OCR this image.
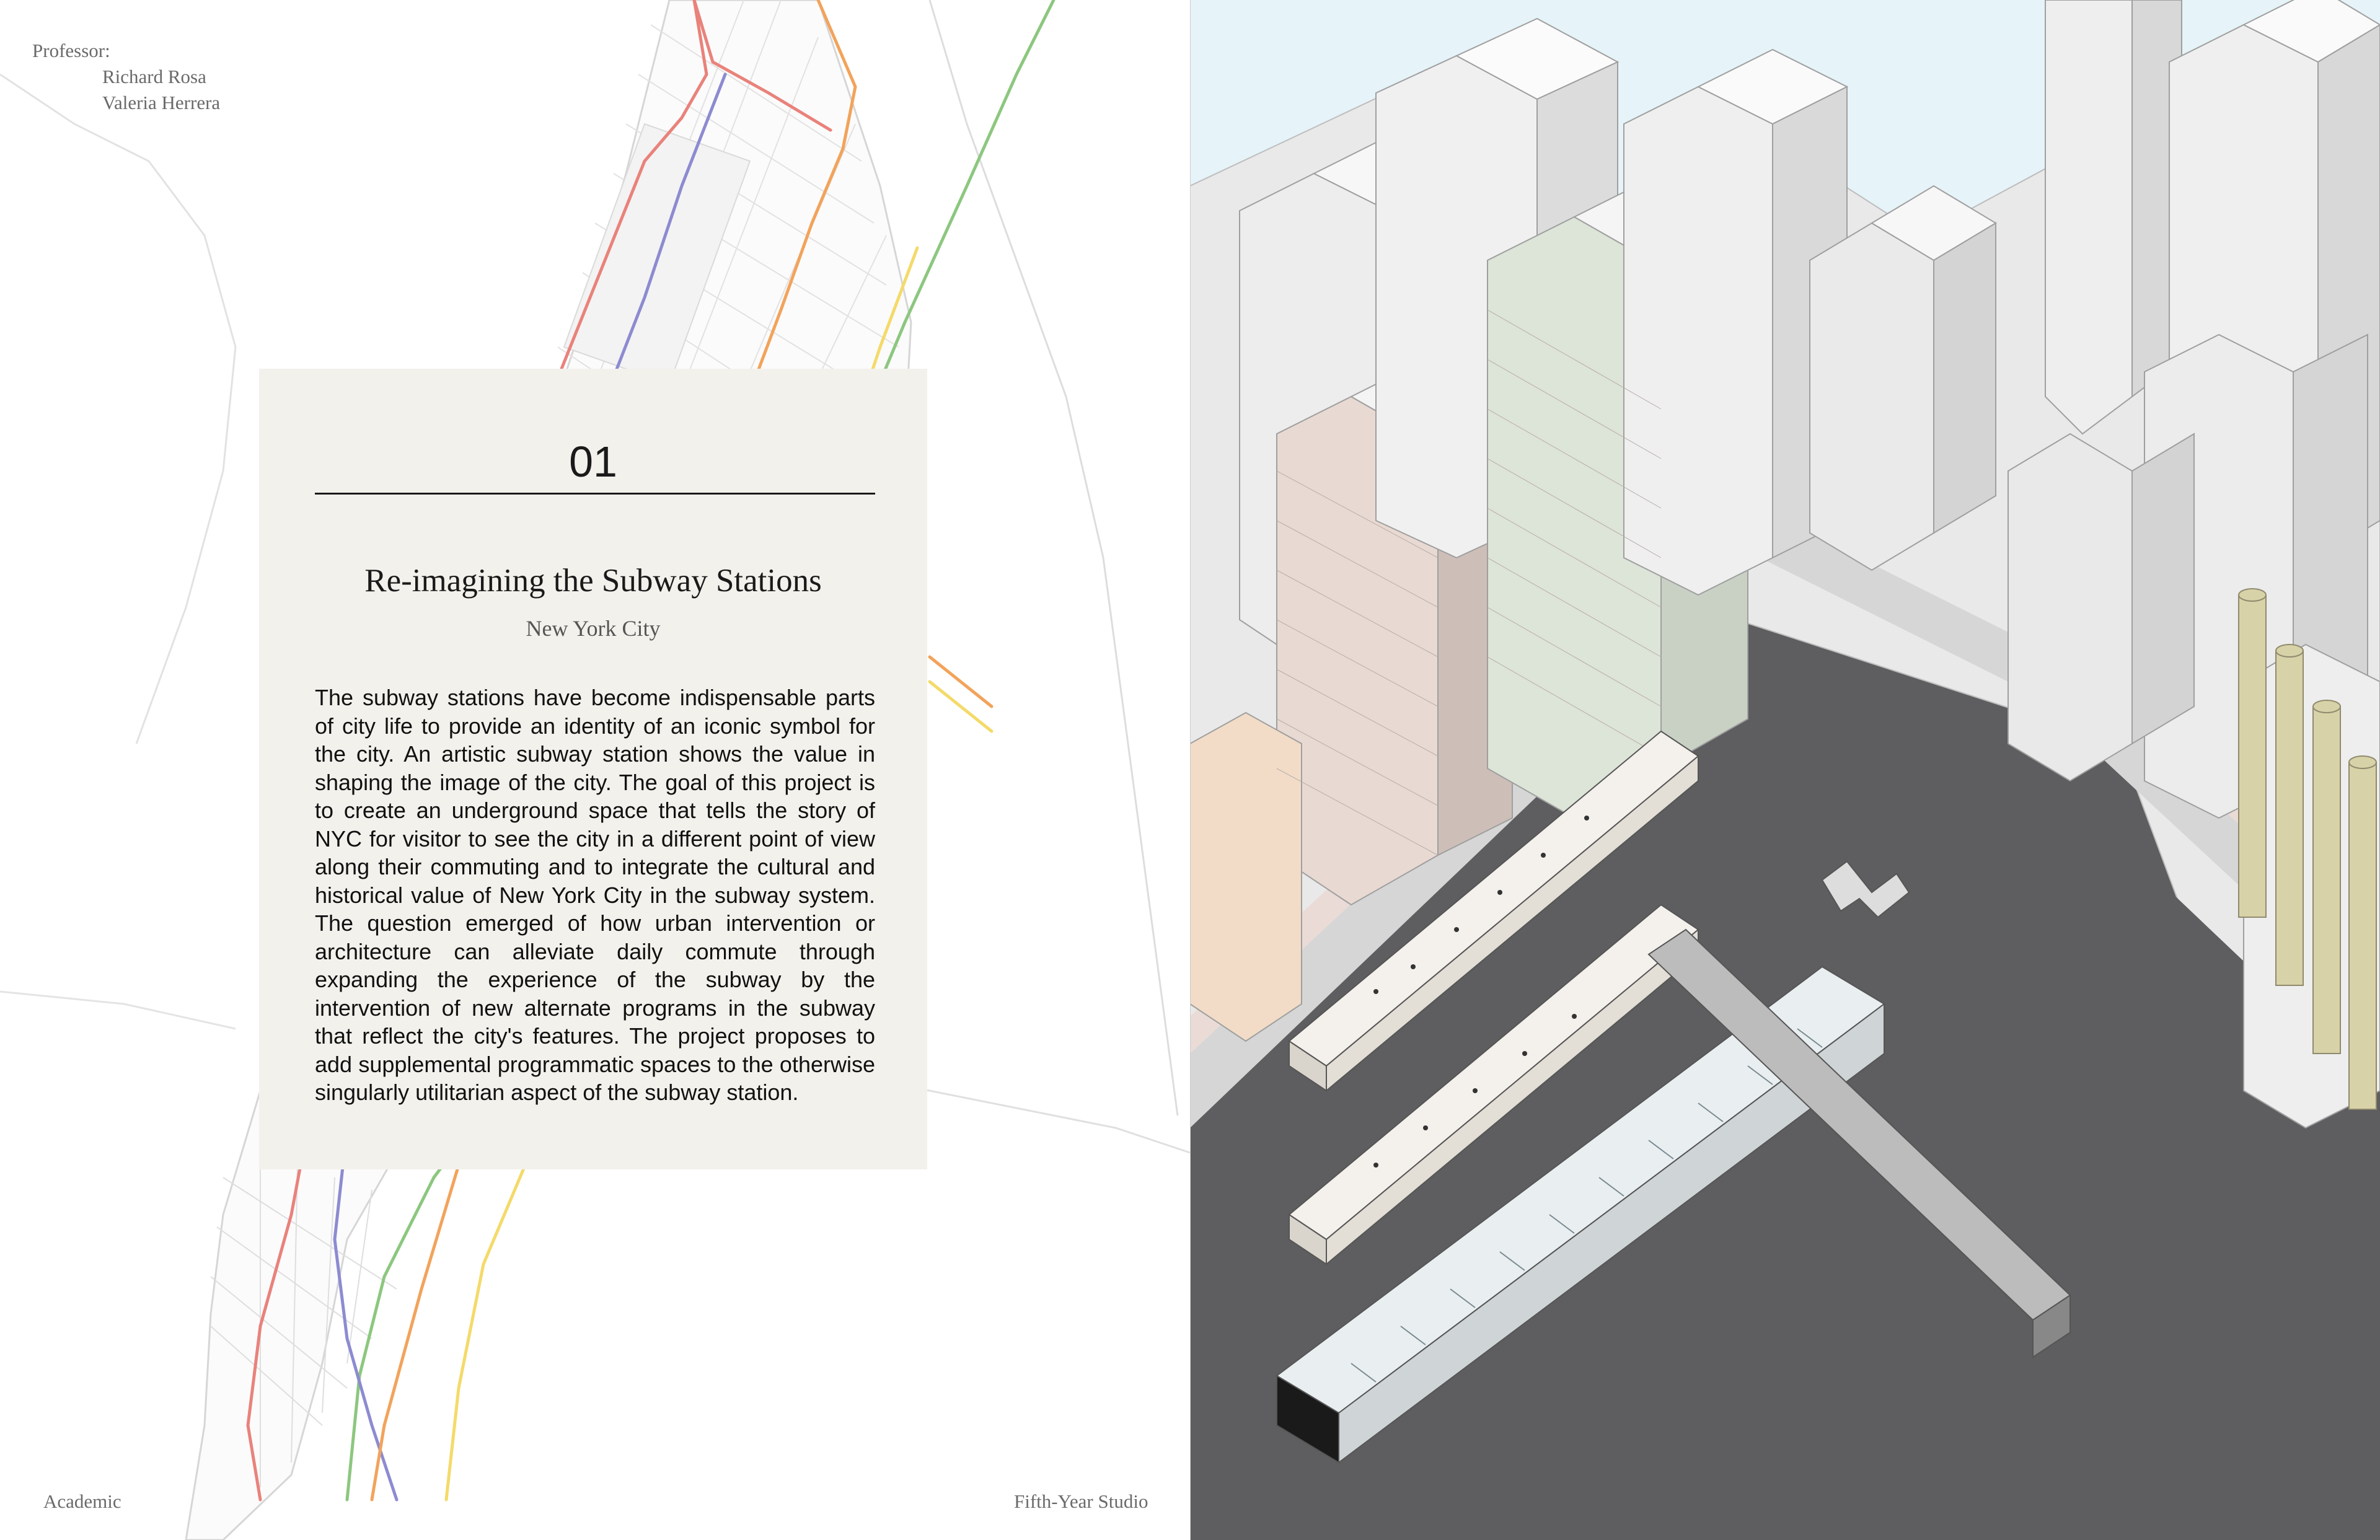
Professor:
Richard Rosa
Valeria Herrera
01
Re-imagining the Subway Stations
New York City
The subway stations have become indispensable parts of city life to provide an identity of an iconic symbol for the city. An artistic subway station shows the value in shaping the image of the city. The goal of this project is to create an underground space that tells the story of NYC for visitor to see the city in a different point of view along their commuting and to integrate the cultural and historical value of New York City in the subway system. The question emerged of how urban intervention or architecture can alleviate daily commute through expanding the experience of the subway by the intervention of new alternate programs in the subway that reflect the city's features. The project proposes to add supplemental programmatic spaces to the otherwise singularly utilitarian aspect of the subway station.
Academic	Fifth-Year Studio
